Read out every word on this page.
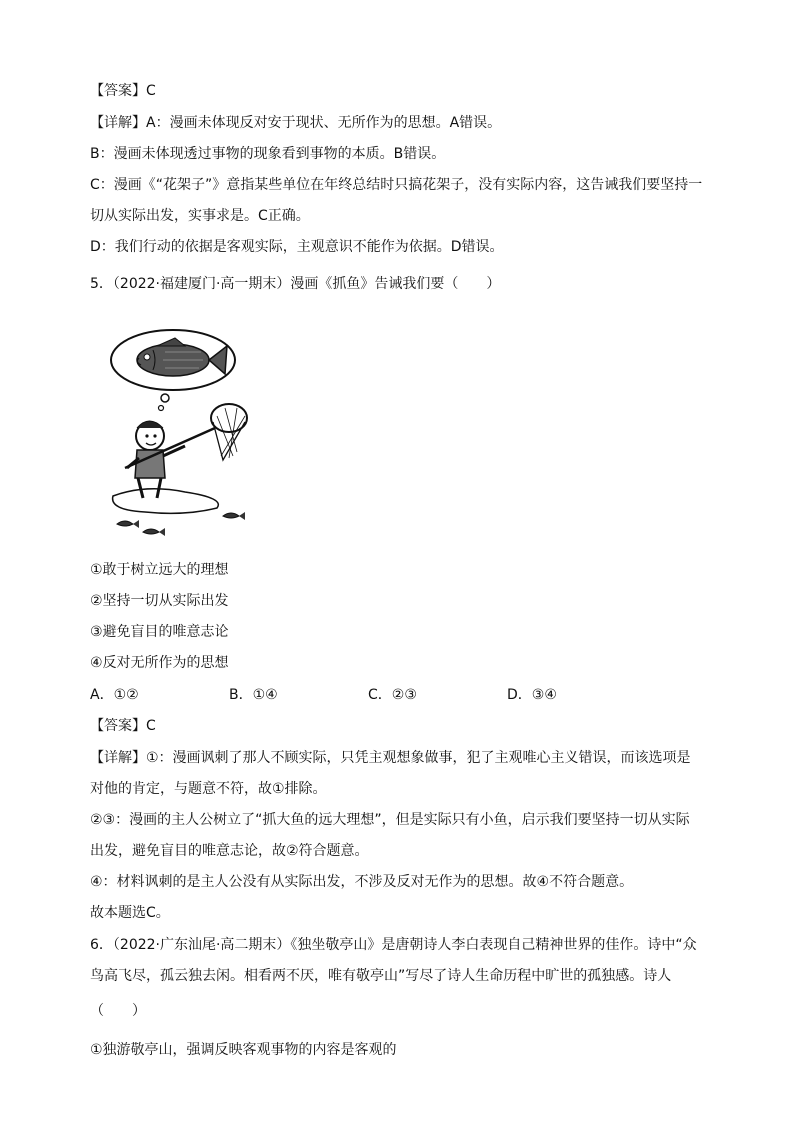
【答案】C
【详解】A：漫画未体现反对安于现状、无所作为的思想。A错误。
B：漫画未体现透过事物的现象看到事物的本质。B错误。
C：漫画《“花架子”》意指某些单位在年终总结时只搞花架子，没有实际内容，这告诫我们要坚持一
切从实际出发，实事求是。C正确。
D：我们行动的依据是客观实际，主观意识不能作为依据。D错误。
5．（2022·福建厦门·高一期末）漫画《抓鱼》告诫我们要（　　）
①敢于树立远大的理想
②坚持一切从实际出发
③避免盲目的唯意志论
④反对无所作为的思想
A．①②	B．①④	C．②③	D．③④
【答案】C
【详解】①：漫画讽刺了那人不顾实际，只凭主观想象做事，犯了主观唯心主义错误，而该选项是
对他的肯定，与题意不符，故①排除。
②③：漫画的主人公树立了“抓大鱼的远大理想”，但是实际只有小鱼，启示我们要坚持一切从实际
出发，避免盲目的唯意志论，故②符合题意。
④：材料讽刺的是主人公没有从实际出发，不涉及反对无作为的思想。故④不符合题意。
故本题选C。
6．（2022·广东汕尾·高二期末）《独坐敬亭山》是唐朝诗人李白表现自己精神世界的佳作。诗中“众
鸟高飞尽，孤云独去闲。相看两不厌，唯有敬亭山”写尽了诗人生命历程中旷世的孤独感。诗人
（　　）
①独游敬亭山，强调反映客观事物的内容是客观的
